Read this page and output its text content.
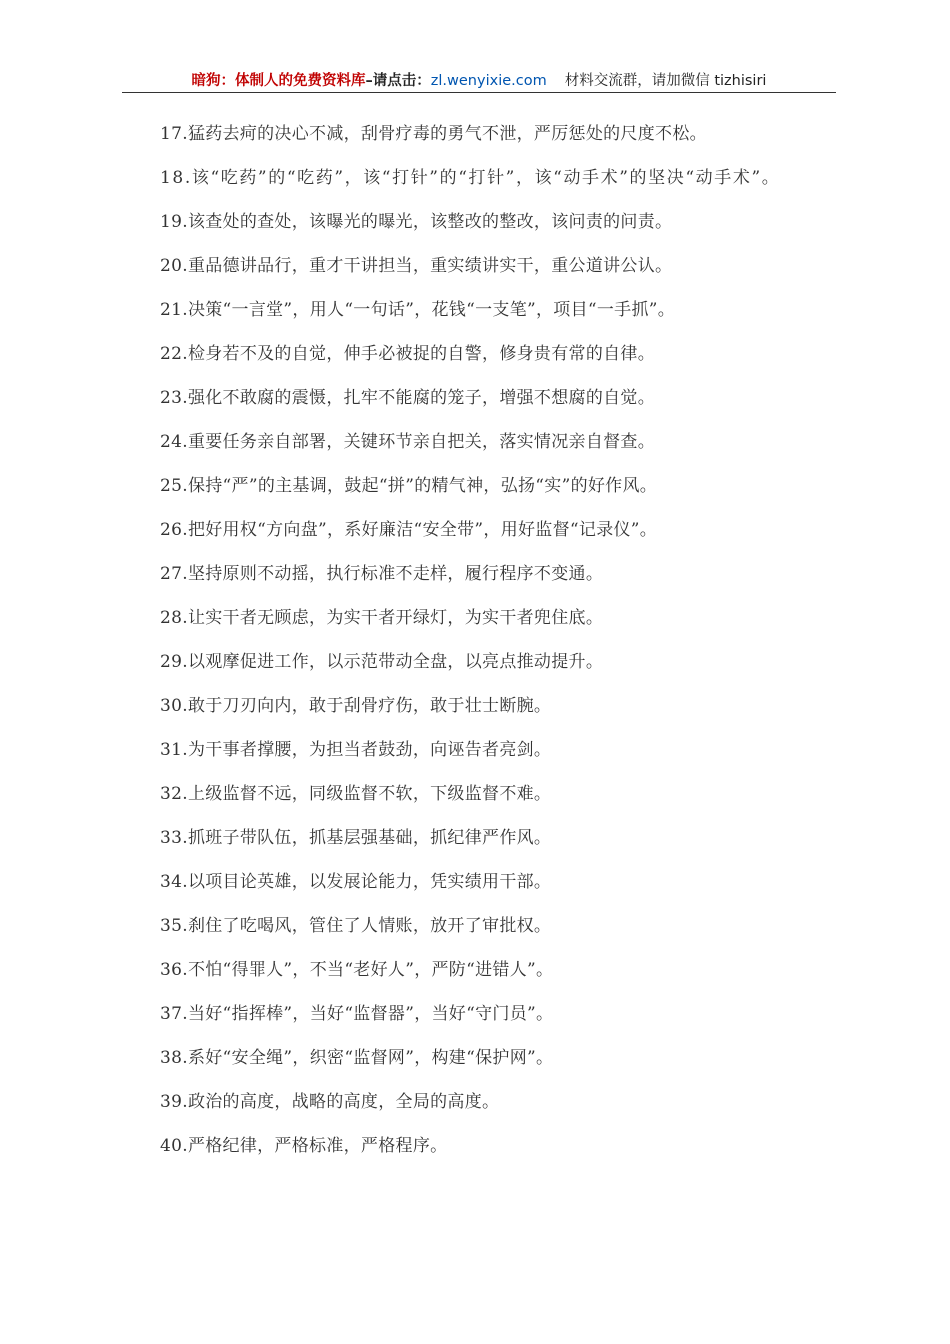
暗狗：体制人的免费资料库–请点击：zl.wenyixie.com 材料交流群，请加微信 tizhisiri

17.猛药去疴的决心不减，刮骨疗毒的勇气不泄，严厉惩处的尺度不松。

18.该“吃药”的“吃药”，该“打针”的“打针”，该“动手术”的坚决“动手术”。

19.该查处的查处，该曝光的曝光，该整改的整改，该问责的问责。

20.重品德讲品行，重才干讲担当，重实绩讲实干，重公道讲公认。

21.决策“一言堂”，用人“一句话”，花钱“一支笔”，项目“一手抓”。

22.检身若不及的自觉，伸手必被捉的自警，修身贵有常的自律。

23.强化不敢腐的震慑，扎牢不能腐的笼子，增强不想腐的自觉。

24.重要任务亲自部署，关键环节亲自把关，落实情况亲自督查。

25.保持“严”的主基调，鼓起“拼”的精气神，弘扬“实”的好作风。

26.把好用权“方向盘”，系好廉洁“安全带”，用好监督“记录仪”。

27.坚持原则不动摇，执行标准不走样，履行程序不变通。

28.让实干者无顾虑，为实干者开绿灯，为实干者兜住底。

29.以观摩促进工作，以示范带动全盘，以亮点推动提升。

30.敢于刀刃向内，敢于刮骨疗伤，敢于壮士断腕。

31.为干事者撑腰，为担当者鼓劲，向诬告者亮剑。

32.上级监督不远，同级监督不软，下级监督不难。

33.抓班子带队伍，抓基层强基础，抓纪律严作风。

34.以项目论英雄，以发展论能力，凭实绩用干部。

35.刹住了吃喝风，管住了人情账，放开了审批权。

36.不怕“得罪人”，不当“老好人”，严防“进错人”。

37.当好“指挥棒”，当好“监督器”，当好“守门员”。

38.系好“安全绳”，织密“监督网”，构建“保护网”。

39.政治的高度，战略的高度，全局的高度。

40.严格纪律，严格标准，严格程序。
